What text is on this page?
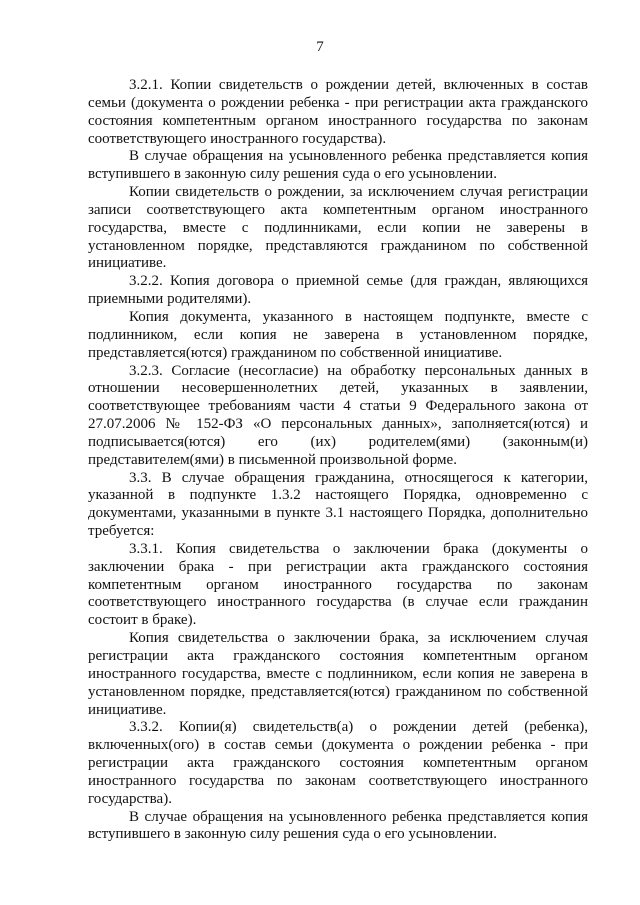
7

3.2.1. Копии свидетельств о рождении детей, включенных в состав семьи (документа о рождении ребенка - при регистрации акта гражданского состояния компетентным органом иностранного государства по законам соответствующего иностранного государства).

В случае обращения на усыновленного ребенка представляется копия вступившего в законную силу решения суда о его усыновлении.

Копии свидетельств о рождении, за исключением случая регистрации записи соответствующего акта компетентным органом иностранного государства, вместе с подлинниками, если копии не заверены в установленном порядке, представляются гражданином по собственной инициативе.

3.2.2. Копия договора о приемной семье (для граждан, являющихся приемными родителями).

Копия документа, указанного в настоящем подпункте, вместе с подлинником, если копия не заверена в установленном порядке, представляется(ются) гражданином по собственной инициативе.

3.2.3. Согласие (несогласие) на обработку персональных данных в отношении несовершеннолетних детей, указанных в заявлении, соответствующее требованиям части 4 статьи 9 Федерального закона от 27.07.2006 № 152-ФЗ «О персональных данных», заполняется(ются) и подписывается(ются) его (их) родителем(ями) (законным(и) представителем(ями) в письменной произвольной форме.

3.3. В случае обращения гражданина, относящегося к категории, указанной в подпункте 1.3.2 настоящего Порядка, одновременно с документами, указанными в пункте 3.1 настоящего Порядка, дополнительно требуется:

3.3.1. Копия свидетельства о заключении брака (документы о заключении брака - при регистрации акта гражданского состояния компетентным органом иностранного государства по законам соответствующего иностранного государства (в случае если гражданин состоит в браке).

Копия свидетельства о заключении брака, за исключением случая регистрации акта гражданского состояния компетентным органом иностранного государства, вместе с подлинником, если копия не заверена в установленном порядке, представляется(ются) гражданином по собственной инициативе.

3.3.2. Копии(я) свидетельств(а) о рождении детей (ребенка), включенных(ого) в состав семьи (документа о рождении ребенка - при регистрации акта гражданского состояния компетентным органом иностранного государства по законам соответствующего иностранного государства).

В случае обращения на усыновленного ребенка представляется копия вступившего в законную силу решения суда о его усыновлении.
